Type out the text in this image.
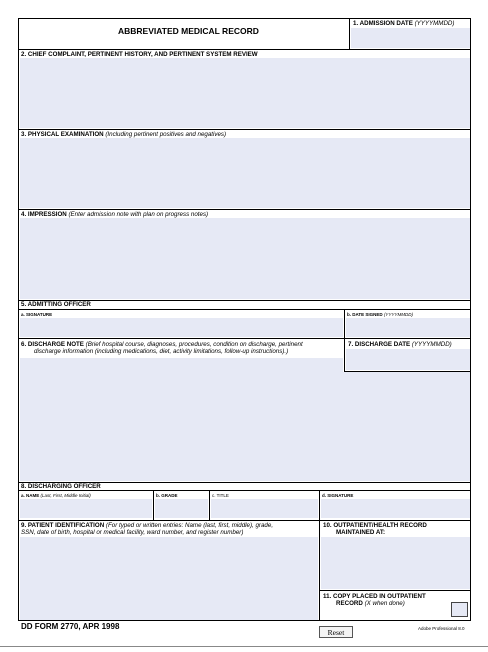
ABBREVIATED MEDICAL RECORD
1. ADMISSION DATE (YYYYMMDD)
2. CHIEF COMPLAINT, PERTINENT HISTORY, AND PERTINENT SYSTEM REVIEW
3. PHYSICAL EXAMINATION (Including pertinent positives and negatives)
4. IMPRESSION (Enter admission note with plan on progress notes)
5. ADMITTING OFFICER
a. SIGNATURE	b. DATE SIGNED (YYYYMMDD)
6. DISCHARGE NOTE (Brief hospital course, diagnoses, procedures, condition on discharge, pertinent
discharge information (including medications, diet, activity limitations, follow-up instructions).)
7. DISCHARGE DATE (YYYYMMDD)
8. DISCHARGING OFFICER
a. NAME (Last, First, Middle Initial)	b. GRADE	c. TITLE	d. SIGNATURE
9. PATIENT IDENTIFICATION (For typed or written entries: Name (last, first, middle), grade,
SSN, date of birth, hospital or medical facility, ward number, and register number)
10. OUTPATIENT/HEALTH RECORD
MAINTAINED AT:
11. COPY PLACED IN OUTPATIENT
RECORD (X when done)
DD FORM 2770, APR 1998
Reset	Adobe Professional 8.0
